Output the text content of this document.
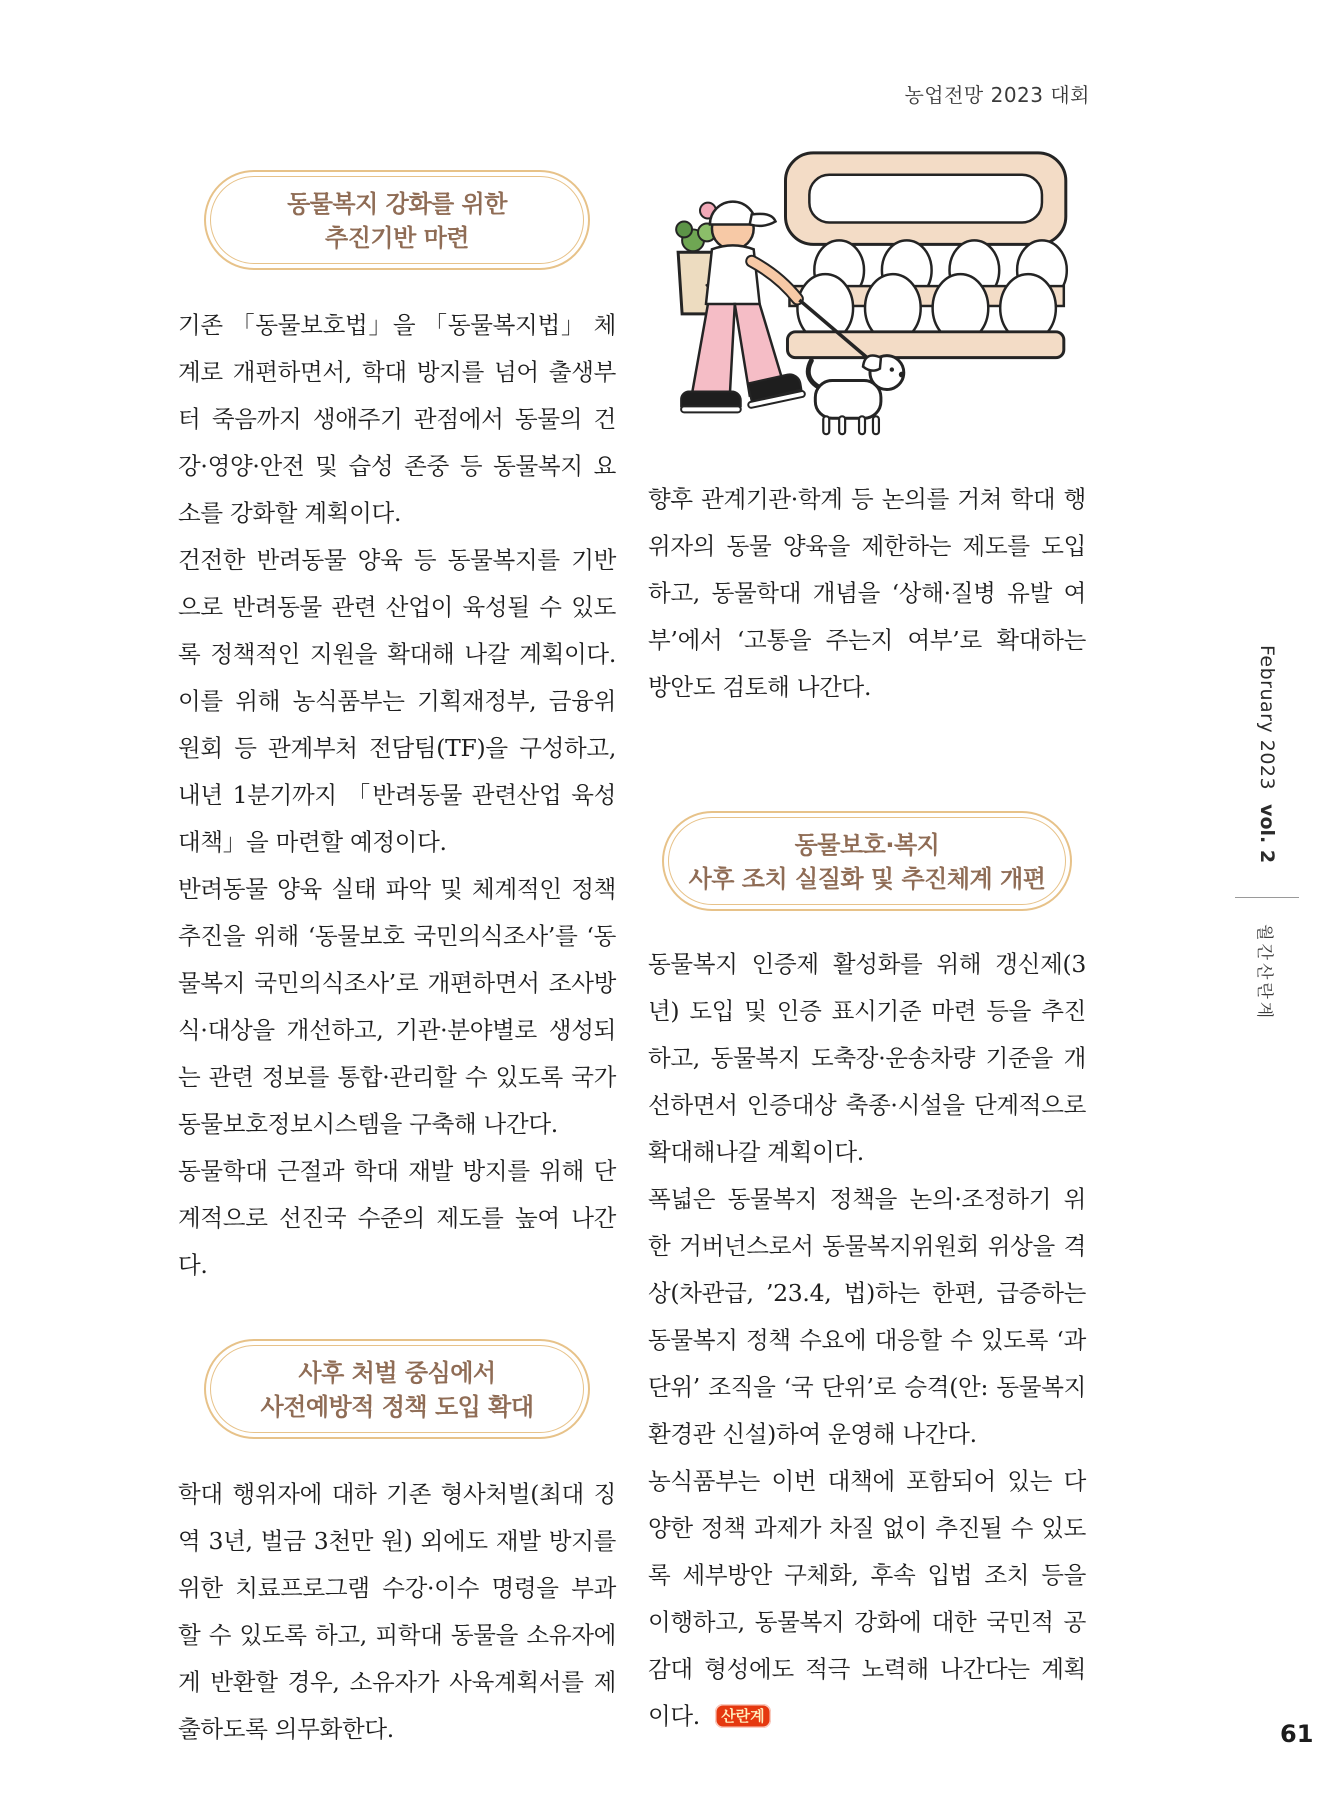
농업전망 2023 대회
동물복지 강화를 위한
추진기반 마련

기존 「동물보호법」을 「동물복지법」 체계로 개편하면서, 학대 방지를 넘어 출생부터 죽음까지 생애주기 관점에서 동물의 건강·영양·안전 및 습성 존중 등 동물복지 요소를 강화할 계획이다.

건전한 반려동물 양육 등 동물복지를 기반으로 반려동물 관련 산업이 육성될 수 있도록 정책적인 지원을 확대해 나갈 계획이다. 이를 위해 농식품부는 기획재정부, 금융위원회 등 관계부처 전담팀(TF)을 구성하고, 내년 1분기까지 「반려동물 관련산업 육성대책」을 마련할 예정이다.

반려동물 양육 실태 파악 및 체계적인 정책 추진을 위해 ‘동물보호 국민의식조사’를 ‘동물복지 국민의식조사’로 개편하면서 조사방식·대상을 개선하고, 기관·분야별로 생성되는 관련 정보를 통합·관리할 수 있도록 국가동물보호정보시스템을 구축해 나간다.

동물학대 근절과 학대 재발 방지를 위해 단계적으로 선진국 수준의 제도를 높여 나간다.

사후 처벌 중심에서
사전예방적 정책 도입 확대

학대 행위자에 대하 기존 형사처벌(최대 징역 3년, 벌금 3천만 원) 외에도 재발 방지를 위한 치료프로그램 수강·이수 명령을 부과할 수 있도록 하고, 피학대 동물을 소유자에게 반환할 경우, 소유자가 사육계획서를 제출하도록 의무화한다.

향후 관계기관·학계 등 논의를 거쳐 학대 행위자의 동물 양육을 제한하는 제도를 도입하고, 동물학대 개념을 ‘상해·질병 유발 여부’에서 ‘고통을 주는지 여부’로 확대하는 방안도 검토해 나간다.

동물보호·복지
사후 조치 실질화 및 추진체계 개편

동물복지 인증제 활성화를 위해 갱신제(3년) 도입 및 인증 표시기준 마련 등을 추진하고, 동물복지 도축장·운송차량 기준을 개선하면서 인증대상 축종·시설을 단계적으로 확대해나갈 계획이다.

폭넓은 동물복지 정책을 논의·조정하기 위한 거버넌스로서 동물복지위원회 위상을 격상(차관급, ’23.4, 법)하는 한편, 급증하는 동물복지 정책 수요에 대응할 수 있도록 ‘과 단위’ 조직을 ‘국 단위’로 승격(안: 동물복지환경관 신설)하여 운영해 나간다.

농식품부는 이번 대책에 포함되어 있는 다양한 정책 과제가 차질 없이 추진될 수 있도록 세부방안 구체화, 후속 입법 조치 등을 이행하고, 동물복지 강화에 대한 국민적 공감대 형성에도 적극 노력해 나간다는 계획이다. 산란계

February 2023
vol. 2
월간산란계
61
